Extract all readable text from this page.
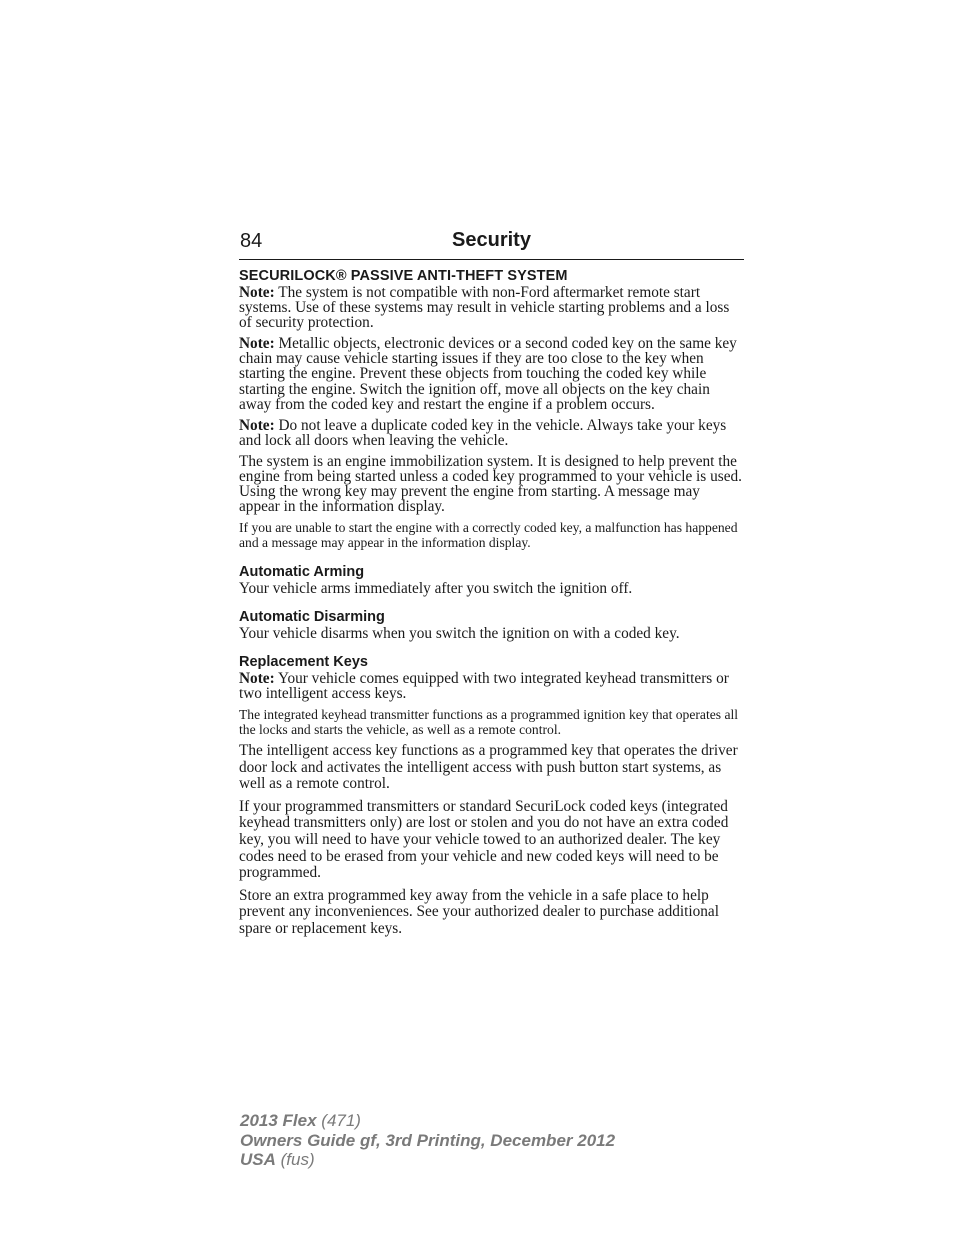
84	Security
SECURILOCK® PASSIVE ANTI-THEFT SYSTEM

Note: The system is not compatible with non-Ford aftermarket remote start systems. Use of these systems may result in vehicle starting problems and a loss of security protection.

Note: Metallic objects, electronic devices or a second coded key on the same key chain may cause vehicle starting issues if they are too close to the key when starting the engine. Prevent these objects from touching the coded key while starting the engine. Switch the ignition off, move all objects on the key chain away from the coded key and restart the engine if a problem occurs.

Note: Do not leave a duplicate coded key in the vehicle. Always take your keys and lock all doors when leaving the vehicle.

The system is an engine immobilization system. It is designed to help prevent the engine from being started unless a coded key programmed to your vehicle is used. Using the wrong key may prevent the engine from starting. A message may appear in the information display.

If you are unable to start the engine with a correctly coded key, a malfunction has happened and a message may appear in the information display.

Automatic Arming

Your vehicle arms immediately after you switch the ignition off.

Automatic Disarming

Your vehicle disarms when you switch the ignition on with a coded key.

Replacement Keys

Note: Your vehicle comes equipped with two integrated keyhead transmitters or two intelligent access keys.

The integrated keyhead transmitter functions as a programmed ignition key that operates all the locks and starts the vehicle, as well as a remote control.

The intelligent access key functions as a programmed key that operates the driver door lock and activates the intelligent access with push button start systems, as well as a remote control.

If your programmed transmitters or standard SecuriLock coded keys (integrated keyhead transmitters only) are lost or stolen and you do not have an extra coded key, you will need to have your vehicle towed to an authorized dealer. The key codes need to be erased from your vehicle and new coded keys will need to be programmed.

Store an extra programmed key away from the vehicle in a safe place to help prevent any inconveniences. See your authorized dealer to purchase additional spare or replacement keys.

2013 Flex (471)
Owners Guide gf, 3rd Printing, December 2012
USA (fus)
